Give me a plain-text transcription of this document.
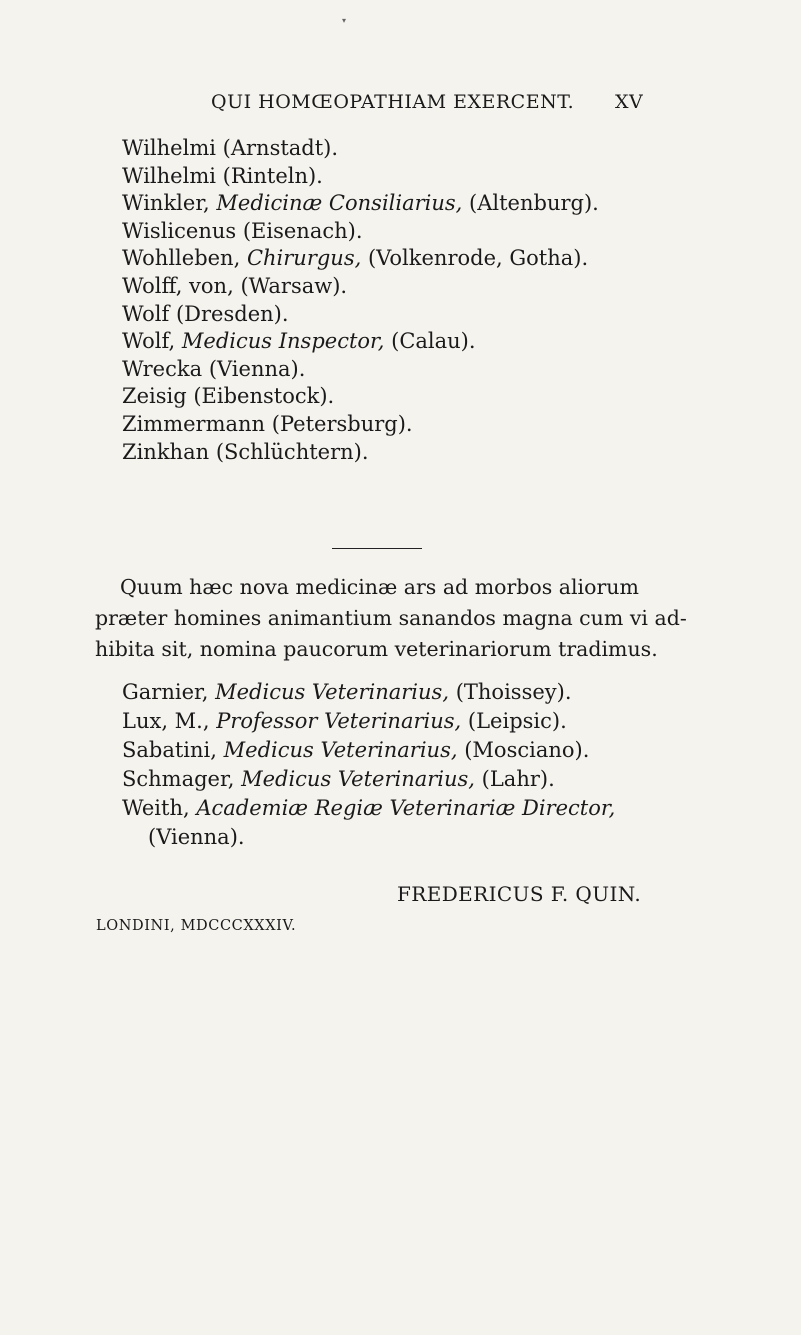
▾
QUI HOMŒOPATHIAM EXERCENT. XV
Wilhelmi (Arnstadt).
Wilhelmi (Rinteln).
Winkler, Medicinæ Consiliarius, (Altenburg).
Wislicenus (Eisenach).
Wohlleben, Chirurgus, (Volkenrode, Gotha).
Wolff, von, (Warsaw).
Wolf (Dresden).
Wolf, Medicus Inspector, (Calau).
Wrecka (Vienna).
Zeisig (Eibenstock).
Zimmermann (Petersburg).
Zinkhan (Schlüchtern).
Quum hæc nova medicinæ ars ad morbos aliorum
præter homines animantium sanandos magna cum vi ad-
hibita sit, nomina paucorum veterinariorum tradimus.
Garnier, Medicus Veterinarius, (Thoissey).
Lux, M., Professor Veterinarius, (Leipsic).
Sabatini, Medicus Veterinarius, (Mosciano).
Schmager, Medicus Veterinarius, (Lahr).
Weith, Academiæ Regiæ Veterinariæ Director,
(Vienna).
FREDERICUS F. QUIN.
LONDINI, MDCCCXXXIV.
